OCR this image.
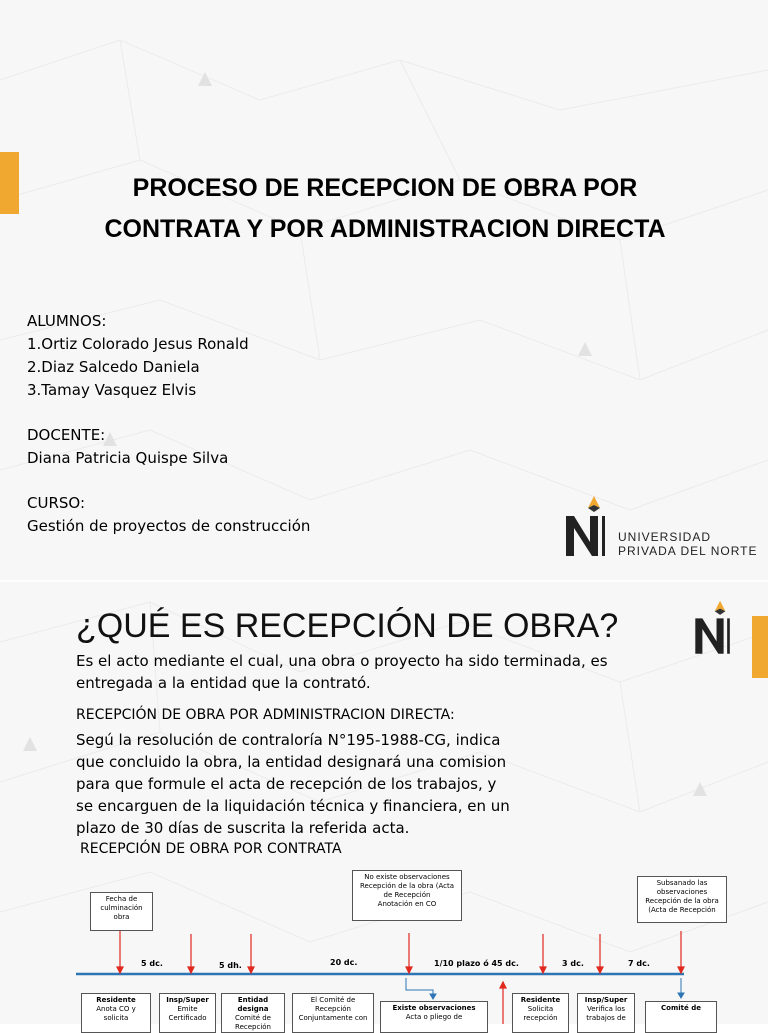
PROCESO DE RECEPCION DE OBRA POR CONTRATA Y POR ADMINISTRACION DIRECTA
ALUMNOS:
1.Ortiz Colorado Jesus Ronald
2.Diaz Salcedo Daniela
3.Tamay Vasquez Elvis
DOCENTE:
Diana Patricia Quispe Silva
CURSO:
Gestión de proyectos de construcción
UNIVERSIDAD
PRIVADA DEL NORTE
¿QUÉ ES RECEPCIÓN DE OBRA?
Es el acto mediante el cual, una obra o proyecto ha sido terminada, es
entregada a la entidad que la contrató.
RECEPCIÓN DE OBRA POR ADMINISTRACION DIRECTA:
Segú la resolución de contraloría N°195-1988-CG, indica
que concluido la obra, la entidad designará una comision
para que formule el acta de recepción de los trabajos, y
se encarguen de la liquidación técnica y financiera, en un
plazo de 30 días de suscrita la referida acta.
RECEPCIÓN DE OBRA POR CONTRATA
Fecha de
culminación
obra
No existe observaciones
Recepción de la obra (Acta
de Recepción
Anotación en CO
Subsanado las
observaciones
Recepción de la obra
(Acta de Recepción
5 dc.	5 dh.	20 dc.	1/10 plazo ó 45 dc.	3 dc.	7 dc.
Residente
Anota CO y
solicita
Insp/Super
Emite
Certificado
Entidad designa
Comité de
Recepción
El Comité de
Recepción
Conjuntamente con
Existe observaciones
Acta o pliego de
Residente
Solicita
recepción
Insp/Super
Verifica los
trabajos de
Comité de
